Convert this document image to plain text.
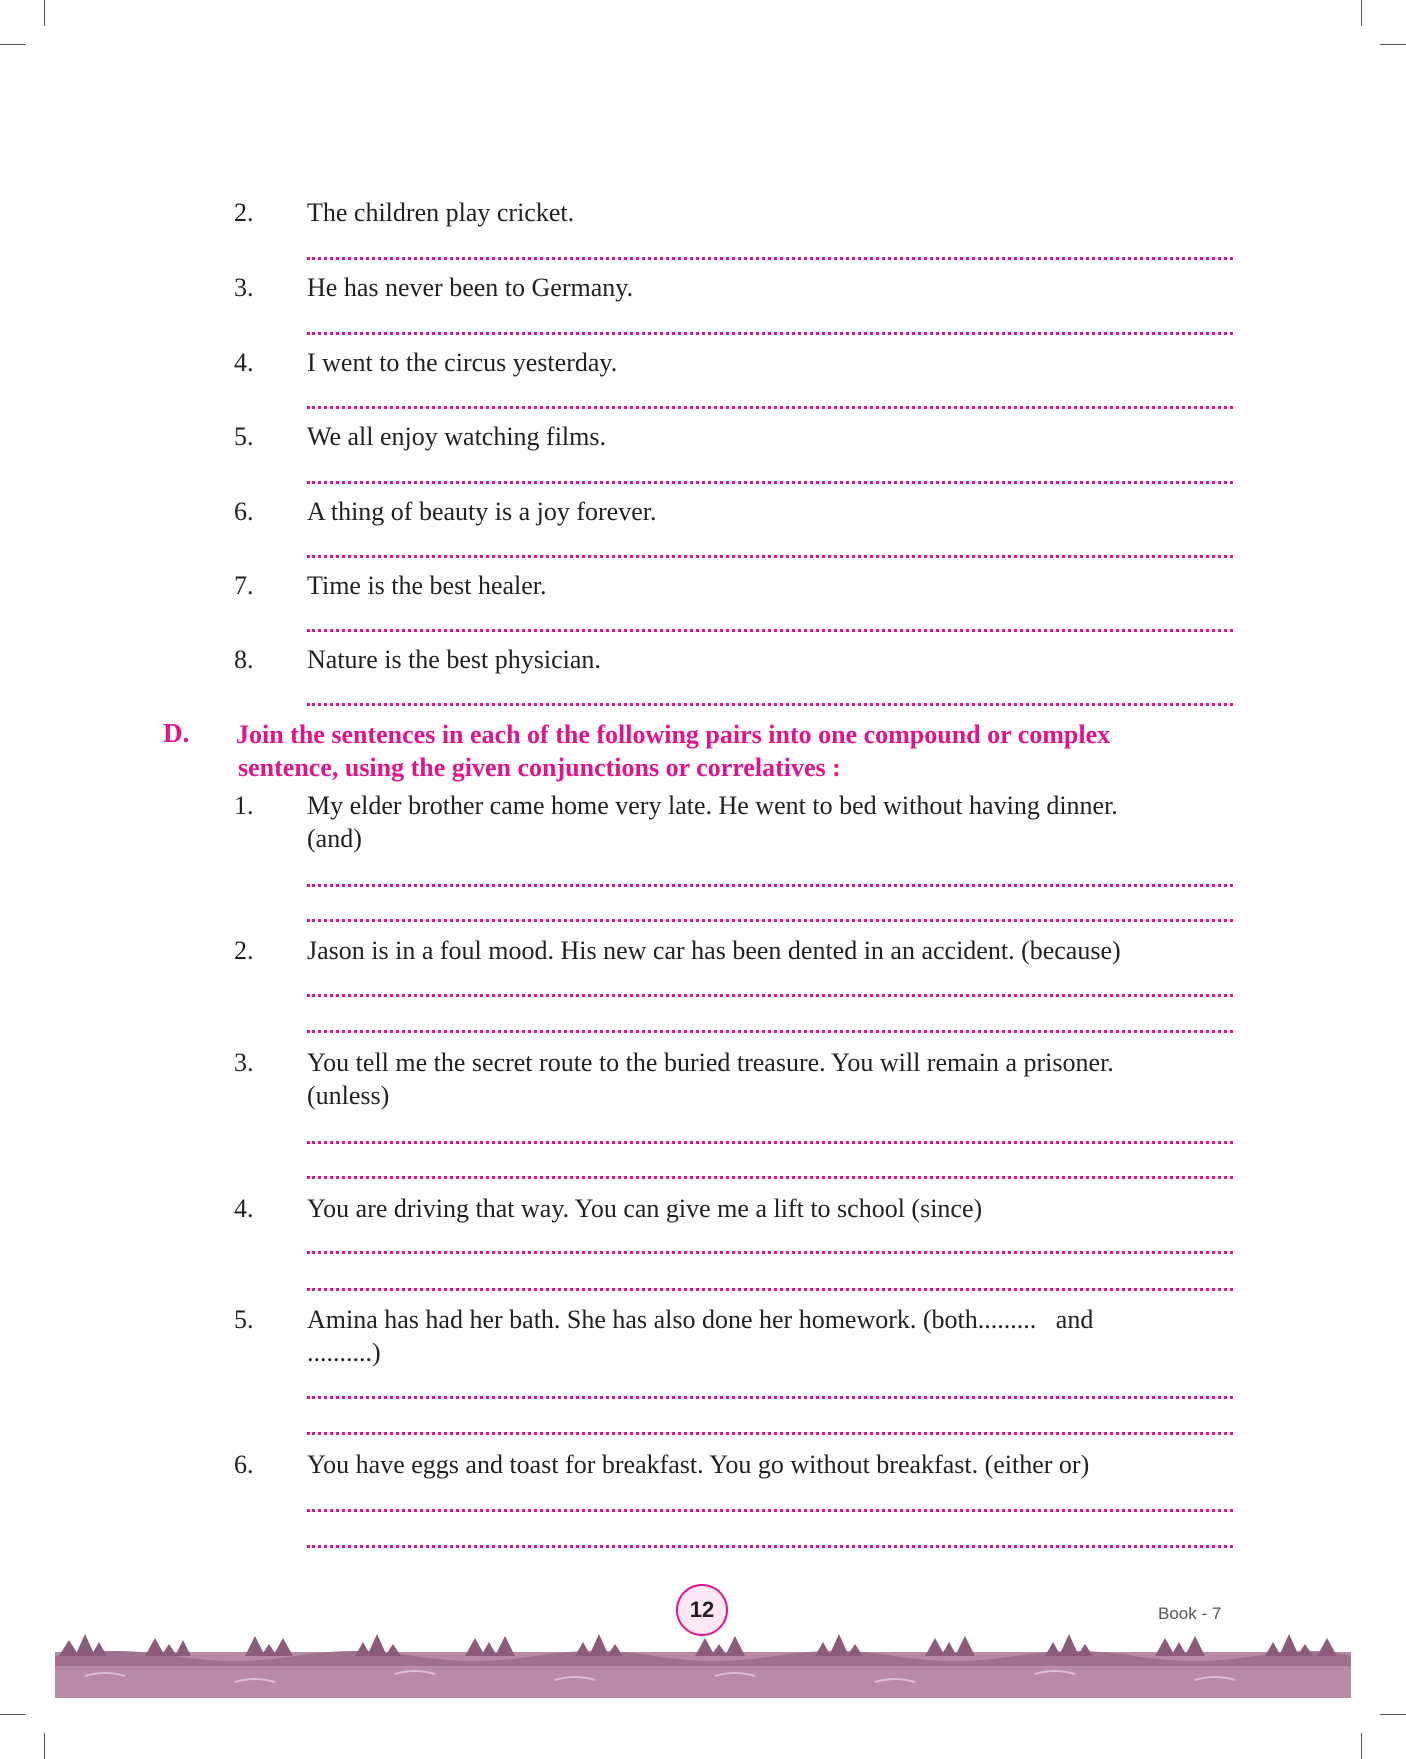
2. The children play cricket.
3. He has never been to Germany.
4. I went to the circus yesterday.
5. We all enjoy watching films.
6. A thing of beauty is a joy forever.
7. Time is the best healer.
8. Nature is the best physician.
D. Join the sentences in each of the following pairs into one compound or complex
sentence, using the given conjunctions or correlatives :
1. My elder brother came home very late. He went to bed without having dinner.
(and)
2. Jason is in a foul mood. His new car has been dented in an accident. (because)
3. You tell me the secret route to the buried treasure. You will remain a prisoner.
(unless)
4. You are driving that way. You can give me a lift to school (since)
5. Amina has had her bath. She has also done her homework. (both.........   and
..........)
6. You have eggs and toast for breakfast. You go without breakfast. (either or)
12	Book - 7
